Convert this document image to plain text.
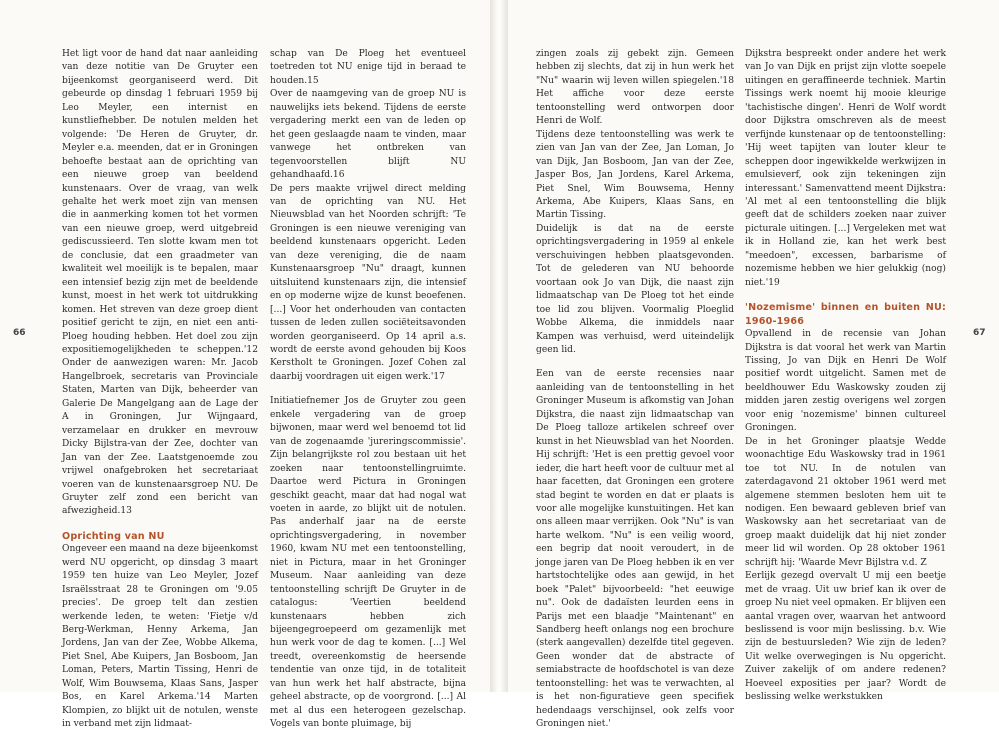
66

Het ligt voor de hand dat naar aanleiding van deze notitie van De Gruyter een bijeenkomst georganiseerd werd. Dit gebeurde op dinsdag 1 februari 1959 bij Leo Meyler, een internist en kunstliefhebber. De notulen melden het volgende: 'De Heren de Gruyter, dr. Meyler e.a. meenden, dat er in Groningen behoefte bestaat aan de oprichting van een nieuwe groep van beeldend kunstenaars. Over de vraag, van welk gehalte het werk moet zijn van mensen die in aanmerking komen tot het vormen van een nieuwe groep, werd uitgebreid gediscussieerd. Ten slotte kwam men tot de conclusie, dat een graadmeter van kwaliteit wel moeilijk is te bepalen, maar een intensief bezig zijn met de beeldende kunst, moest in het werk tot uitdrukking komen. Het streven van deze groep dient positief gericht te zijn, en niet een anti-Ploeg houding hebben. Het doel zou zijn expositiemogelijkheden te scheppen.'12 Onder de aanwezigen waren: Mr. Jacob Hangelbroek, secretaris van Provinciale Staten, Marten van Dijk, beheerder van Galerie De Mangelgang aan de Lage der A in Groningen, Jur Wijngaard, verzamelaar en drukker en mevrouw Dicky Bijlstra-van der Zee, dochter van Jan van der Zee. Laatstgenoemde zou vrijwel onafgebroken het secretariaat voeren van de kunstenaarsgroep NU. De Gruyter zelf zond een bericht van afwezigheid.13

Oprichting van NU

Ongeveer een maand na deze bijeenkomst werd NU opgericht, op dinsdag 3 maart 1959 ten huize van Leo Meyler, Jozef Israëlsstraat 28 te Groningen om '9.05 precies'. De groep telt dan zestien werkende leden, te weten: 'Fietje v/d Berg-Werkman, Henny Arkema, Jan Jordens, Jan van der Zee, Wobbe Alkema, Piet Snel, Abe Kuipers, Jan Bosboom, Jan Loman, Peters, Martin Tissing, Henri de Wolf, Wim Bouwsema, Klaas Sans, Jasper Bos, en Karel Arkema.'14 Marten Klompien, zo blijkt uit de notulen, wenste in verband met zijn lidmaat-

schap van De Ploeg het eventueel toetreden tot NU enige tijd in beraad te houden.15

Over de naamgeving van de groep NU is nauwelijks iets bekend. Tijdens de eerste vergadering merkt een van de leden op het geen geslaagde naam te vinden, maar vanwege het ontbreken van tegenvoorstellen blijft NU gehandhaafd.16

De pers maakte vrijwel direct melding van de oprichting van NU. Het Nieuwsblad van het Noorden schrijft: 'Te Groningen is een nieuwe vereniging van beeldend kunstenaars opgericht. Leden van deze vereniging, die de naam Kunstenaarsgroep "Nu" draagt, kunnen uitsluitend kunstenaars zijn, die intensief en op moderne wijze de kunst beoefenen. [...] Voor het onderhouden van contacten tussen de leden zullen sociëteitsavonden worden georganiseerd. Op 14 april a.s. wordt de eerste avond gehouden bij Koos Kerstholt te Groningen. Jozef Cohen zal daarbij voordragen uit eigen werk.'17

Initiatiefnemer Jos de Gruyter zou geen enkele vergadering van de groep bijwonen, maar werd wel benoemd tot lid van de zogenaamde 'jureringscommissie'. Zijn belangrijkste rol zou bestaan uit het zoeken naar tentoonstellingruimte. Daartoe werd Pictura in Groningen geschikt geacht, maar dat had nogal wat voeten in aarde, zo blijkt uit de notulen. Pas anderhalf jaar na de eerste oprichtingsvergadering, in november 1960, kwam NU met een tentoonstelling, niet in Pictura, maar in het Groninger Museum. Naar aanleiding van deze tentoonstelling schrijft De Gruyter in de catalogus: 'Veertien beeldend kunstenaars hebben zich bijeengegroepeerd om gezamenlijk met hun werk voor de dag te komen. [...] Wel treedt, overeenkomstig de heersende tendentie van onze tijd, in de totaliteit van hun werk het half abstracte, bijna geheel abstracte, op de voorgrond. [...] Al met al dus een heterogeen gezelschap. Vogels van bonte pluimage, bij

zingen zoals zij gebekt zijn. Gemeen hebben zij slechts, dat zij in hun werk het "Nu" waarin wij leven willen spiegelen.'18 Het affiche voor deze eerste tentoonstelling werd ontworpen door Henri de Wolf.

Tijdens deze tentoonstelling was werk te zien van Jan van der Zee, Jan Loman, Jo van Dijk, Jan Bosboom, Jan van der Zee, Jasper Bos, Jan Jordens, Karel Arkema, Piet Snel, Wim Bouwsema, Henny Arkema, Abe Kuipers, Klaas Sans, en Martin Tissing.

Duidelijk is dat na de eerste oprichtingsvergadering in 1959 al enkele verschuivingen hebben plaatsgevonden. Tot de gelederen van NU behoorde voortaan ook Jo van Dijk, die naast zijn lidmaatschap van De Ploeg tot het einde toe lid zou blijven. Voormalig Ploeglid Wobbe Alkema, die inmiddels naar Kampen was verhuisd, werd uiteindelijk geen lid.

Een van de eerste recensies naar aanleiding van de tentoonstelling in het Groninger Museum is afkomstig van Johan Dijkstra, die naast zijn lidmaatschap van De Ploeg talloze artikelen schreef over kunst in het Nieuwsblad van het Noorden. Hij schrijft: 'Het is een prettig gevoel voor ieder, die hart heeft voor de cultuur met al haar facetten, dat Groningen een grotere stad begint te worden en dat er plaats is voor alle mogelijke kunstuitingen. Het kan ons alleen maar verrijken. Ook "Nu" is van harte welkom. "Nu" is een veilig woord, een begrip dat nooit veroudert, in de jonge jaren van De Ploeg hebben ik en ver hartstochtelijke odes aan gewijd, in het boek "Palet" bijvoorbeeld: "het eeuwige nu". Ook de dadaïsten leurden eens in Parijs met een blaadje "Maintenant" en Sandberg heeft onlangs nog een brochure (sterk aangevallen) dezelfde titel gegeven. Geen wonder dat de abstracte of semiabstracte de hoofdschotel is van deze tentoonstelling: het was te verwachten, al is het non-figuratieve geen specifiek hedendaags verschijnsel, ook zelfs voor Groningen niet.'

Dijkstra bespreekt onder andere het werk van Jo van Dijk en prijst zijn vlotte soepele uitingen en geraffineerde techniek. Martin Tissings werk noemt hij mooie kleurige 'tachistische dingen'. Henri de Wolf wordt door Dijkstra omschreven als de meest verfijnde kunstenaar op de tentoonstelling: 'Hij weet tapijten van louter kleur te scheppen door ingewikkelde werkwijzen in emulsieverf, ook zijn tekeningen zijn interessant.' Samenvattend meent Dijkstra: 'Al met al een tentoonstelling die blijk geeft dat de schilders zoeken naar zuiver picturale uitingen. [...] Vergeleken met wat ik in Holland zie, kan het werk best "meedoen", excessen, barbarisme of nozemisme hebben we hier gelukkig (nog) niet.'19

'Nozemisme' binnen en buiten NU: 1960-1966

Opvallend in de recensie van Johan Dijkstra is dat vooral het werk van Martin Tissing, Jo van Dijk en Henri De Wolf positief wordt uitgelicht. Samen met de beeldhouwer Edu Waskowsky zouden zij midden jaren zestig overigens wel zorgen voor enig 'nozemisme' binnen cultureel Groningen.

De in het Groninger plaatsje Wedde woonachtige Edu Waskowsky trad in 1961 toe tot NU. In de notulen van zaterdagavond 21 oktober 1961 werd met algemene stemmen besloten hem uit te nodigen. Een bewaard gebleven brief van Waskowsky aan het secretariaat van de groep maakt duidelijk dat hij niet zonder meer lid wil worden. Op 28 oktober 1961 schrijft hij: 'Waarde Mevr Bijlstra v.d. Z

Eerlijk gezegd overvalt U mij een beetje met de vraag. Uit uw brief kan ik over de groep Nu niet veel opmaken. Er blijven een aantal vragen over, waarvan het antwoord beslissend is voor mijn beslissing. b.v. Wie zijn de bestuursleden? Wie zijn de leden? Uit welke overwegingen is Nu opgericht. Zuiver zakelijk of om andere redenen? Hoeveel exposities per jaar? Wordt de beslissing welke werkstukken

67
